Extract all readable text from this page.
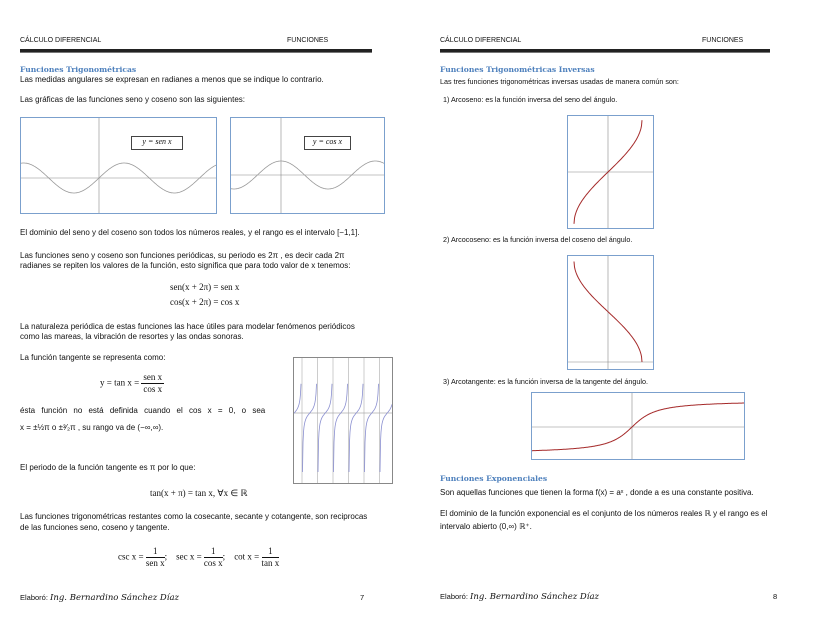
CÁLCULO DIFERENCIAL	FUNCIONES
Funciones Trigonométricas
Las medidas angulares se expresan en radianes a menos que se indique lo contrario.
Las gráficas de las funciones seno y coseno son las siguientes:
y = sen x	y = cos x
El dominio del seno y del coseno son todos los números reales, y el rango es el intervalo [−1,1].
Las funciones seno y coseno son funciones periódicas, su periodo es 2π , es decir cada 2π
radianes se repiten los valores de la función, esto significa que para todo valor de x tenemos:
sen(x + 2π) = sen x
cos(x + 2π) = cos x
La naturaleza periódica de estas funciones las hace útiles para modelar fenómenos periódicos
como las mareas, la vibración de resortes y las ondas sonoras.
La función tangente se representa como:
$y = \tan x = \frac{\text{sen x}}{\text{cos x}}$
ésta función no está definida cuando el cos x = 0, o sea
x = ±½π o ±³⁄₂π , su rango va de (−∞,∞).
El periodo de la función tangente es π por lo que:
tan(x + π) = tan x, ∀x ∈ ℝ
Las funciones trigonométricas restantes como la cosecante, secante y cotangente, son reciprocas
de las funciones seno, coseno y tangente.
$\csc x = \frac{1}{\text{sen x}}$ ; $\sec x = \frac{1}{\text{cos x}}$ ; $\cot x = \frac{1}{\text{tan x}}$
Elaboró: Ing. Bernardino Sánchez Díaz	7
CÁLCULO DIFERENCIAL	FUNCIONES
Funciones Trigonométricas Inversas
Las tres funciones trigonométricas inversas usadas de manera común son:
1) Arcoseno: es la función inversa del seno del ángulo.
2) Arcocoseno: es la función inversa del coseno del ángulo.
3) Arcotangente: es la función inversa de la tangente del ángulo.
Funciones Exponenciales
Son aquellas funciones que tienen la forma f(x) = aˣ , donde a es una constante positiva.
El dominio de la función exponencial es el conjunto de los números reales ℝ y el rango es el
intervalo abierto (0,∞) ℝ⁺.
Elaboró: Ing. Bernardino Sánchez Díaz	8
